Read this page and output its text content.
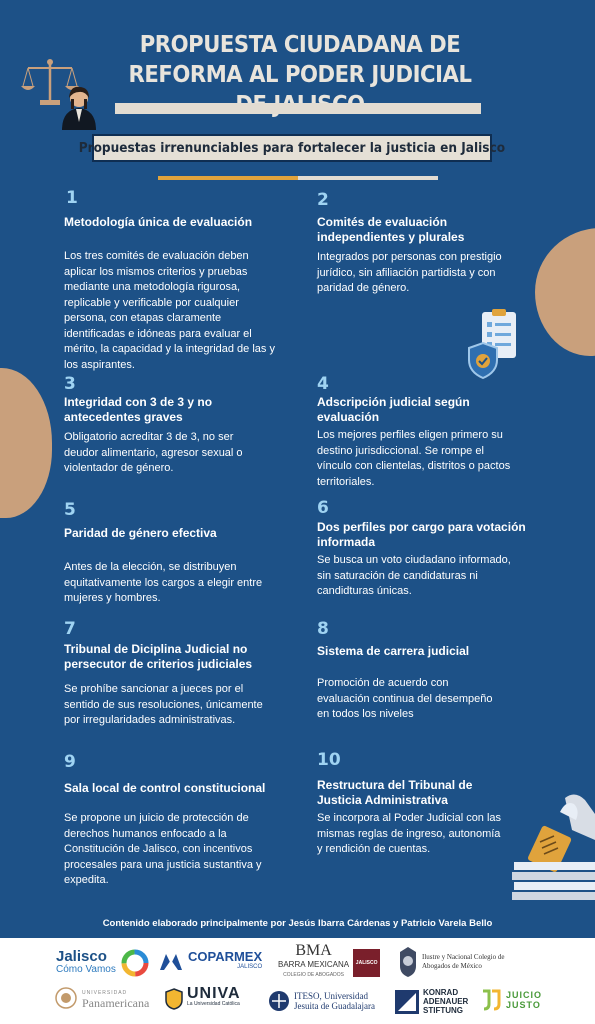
PROPUESTA CIUDADANA DE REFORMA AL PODER JUDICIAL
Propuestas irrenunciables para fortalecer la justicia en Jalisco
1
Metodología única de evaluación
Los tres comités de evaluación deben aplicar los mismos criterios y pruebas mediante una metodología rigurosa, replicable y verificable por cualquier persona, con etapas claramente identificadas e idóneas para evaluar el mérito, la capacidad y la integridad de las y los aspirantes.
2
Comités de evaluación independientes y plurales
Integrados por personas con prestigio jurídico, sin afiliación partidista y con paridad de género.
3
Integridad con 3 de 3 y no antecedentes graves
Obligatorio acreditar 3 de 3, no ser deudor alimentario, agresor sexual o violentador de género.
4
Adscripción judicial según evaluación
Los mejores perfiles eligen primero su destino jurisdiccional. Se rompe el vínculo con clientelas, distritos o pactos territoriales.
5
Paridad de género efectiva
Antes de la elección, se distribuyen equitativamente los cargos a elegir entre mujeres y hombres.
6
Dos perfiles por cargo para votación informada
Se busca un voto ciudadano informado, sin saturación de candidaturas ni candidturas únicas.
7
Tribunal de Diciplina Judicial no persecutor de criterios judiciales
Se prohíbe sancionar a jueces por el sentido de sus resoluciones, únicamente por irregularidades administrativas.
8
Sistema de carrera judicial
Promoción de acuerdo con evaluación continua del desempeño en todos los niveles
9
Sala local de control constitucional
Se propone un juicio de protección de derechos humanos enfocado a la Constitución de Jalisco, con incentivos procesales para una justicia sustantiva y expedita.
10
Restructura del Tribunal de Justicia Administrativa
Se incorpora al Poder Judicial con las mismas reglas de ingreso, autonomía y rendición de cuentas.
Contenido elaborado principalmente por Jesús Ibarra Cárdenas y Patricio Varela Bello
Jalisco
Cómo Vamos
COPARMEX
JALISCO
BMA
BARRA MEXICANA
COLEGIO DE ABOGADOS
JALISCO
Ilustre y Nacional Colegio de Abogados de México
UNIVERSIDAD
Panamericana
UNIVA
La Universidad Católica
ITESO, Universidad
Jesuita de Guadalajara
KONRAD
ADENAUER
STIFTUNG
JUICIO
JUSTO
